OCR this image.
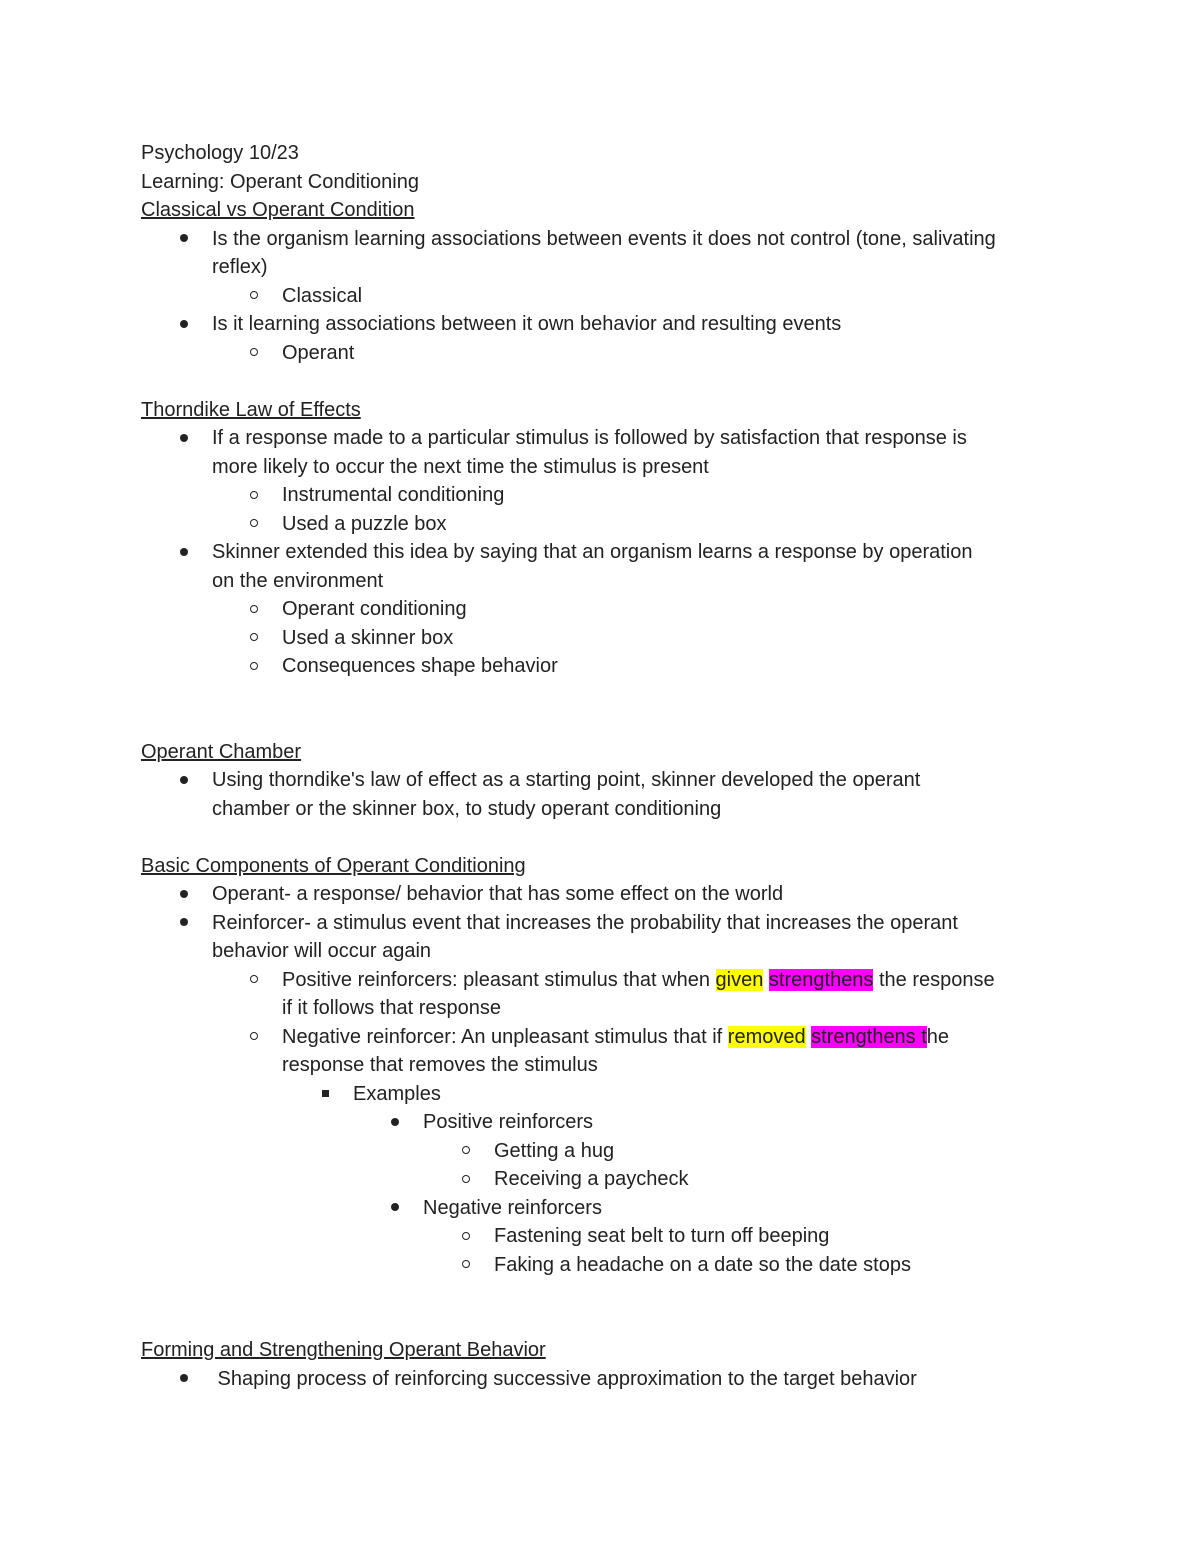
Psychology 10/23

Learning: Operant Conditioning

Classical vs Operant Condition

Is the organism learning associations between events it does not control (tone, salivating

reflex)

Classical

Is it learning associations between it own behavior and resulting events

Operant

Thorndike Law of Effects

If a response made to a particular stimulus is followed by satisfaction that response is

more likely to occur the next time the stimulus is present

Instrumental conditioning

Used a puzzle box

Skinner extended this idea by saying that an organism learns a response by operation

on the environment

Operant conditioning

Used a skinner box

Consequences shape behavior

Operant Chamber

Using thorndike's law of effect as a starting point, skinner developed the operant

chamber or the skinner box, to study operant conditioning

Basic Components of Operant Conditioning

Operant- a response/ behavior that has some effect on the world

Reinforcer- a stimulus event that increases the probability that increases the operant

behavior will occur again

Positive reinforcers: pleasant stimulus that when given strengthens the response

if it follows that response

Negative reinforcer: An unpleasant stimulus that if removed strengthens the

response that removes the stimulus

Examples

Positive reinforcers

Getting a hug

Receiving a paycheck

Negative reinforcers

Fastening seat belt to turn off beeping

Faking a headache on a date so the date stops

Forming and Strengthening Operant Behavior

Shaping process of reinforcing successive approximation to the target behavior
